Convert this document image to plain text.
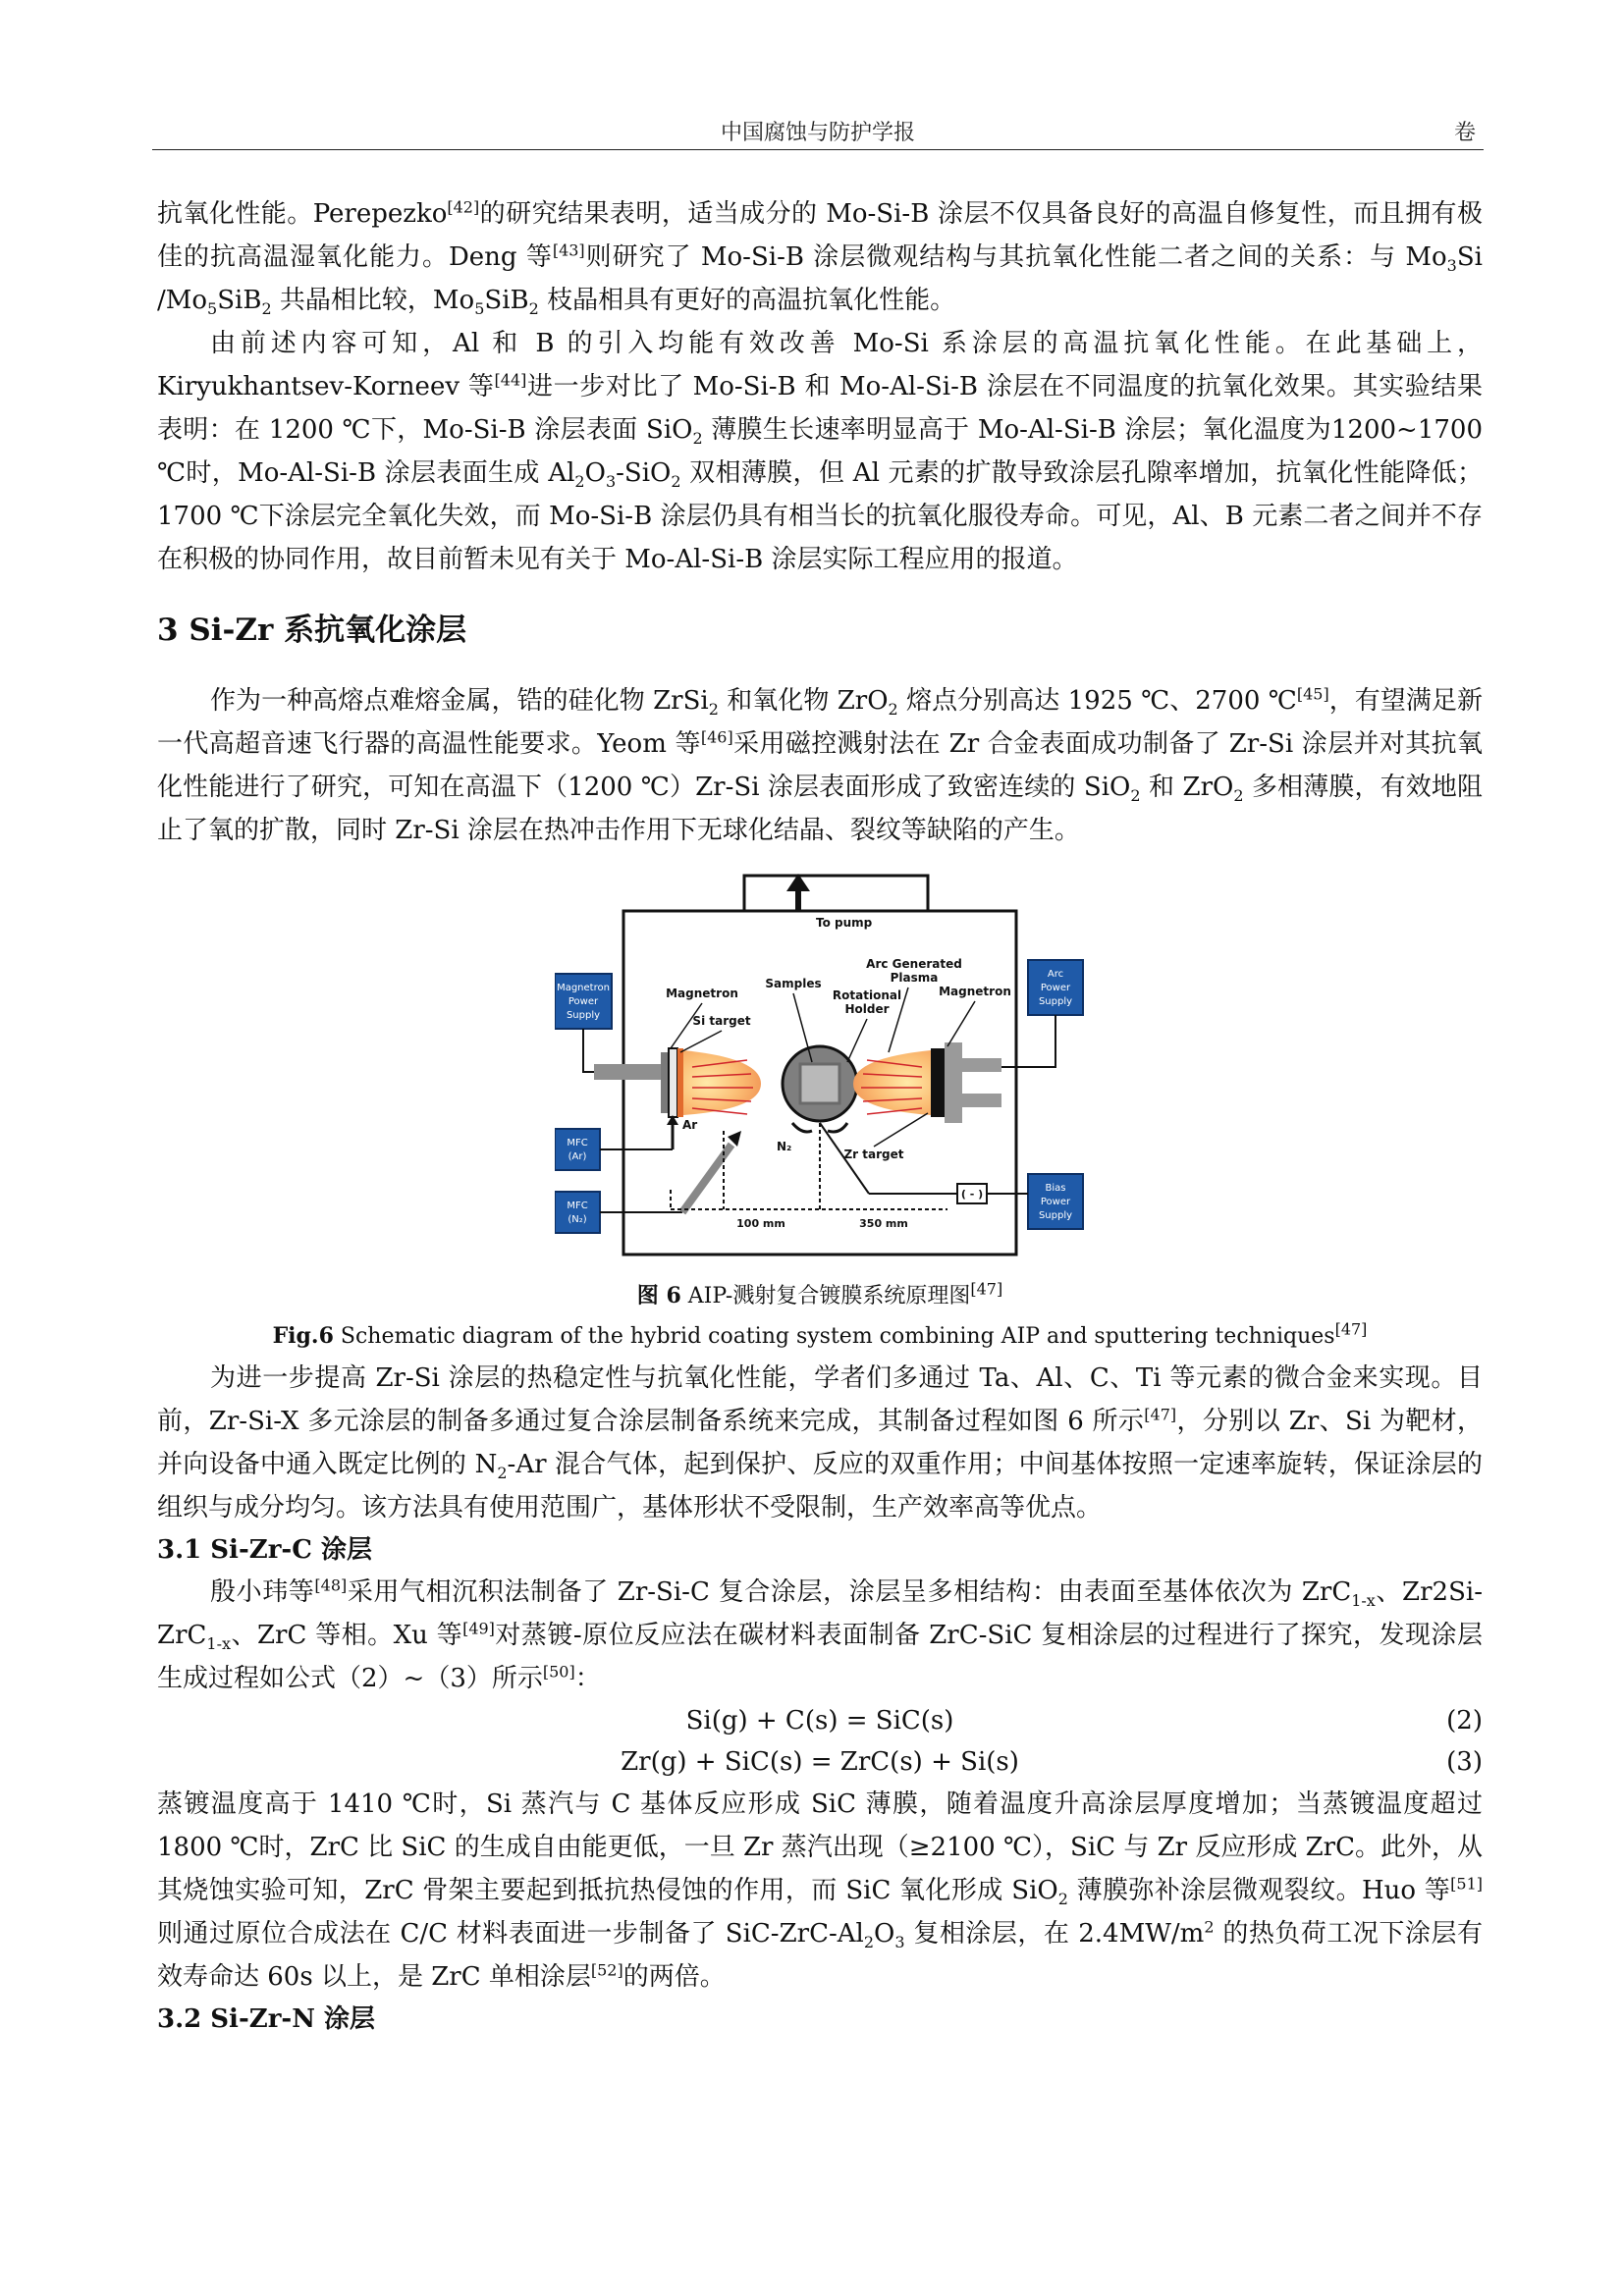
中国腐蚀与防护学报	卷

抗氧化性能。Perepezko[42]的研究结果表明，适当成分的 Mo-Si-B 涂层不仅具备良好的高温自修复性，而且拥有极佳的抗高温湿氧化能力。Deng 等[43]则研究了 Mo-Si-B 涂层微观结构与其抗氧化性能二者之间的关系：与 $Mo_3Si$ $/Mo_5SiB_2$ 共晶相比较，$Mo_5SiB_2$ 枝晶相具有更好的高温抗氧化性能。

由前述内容可知，Al 和 B 的引入均能有效改善 Mo-Si 系涂层的高温抗氧化性能。在此基础上，Kiryukhantsev-Korneev 等[44]进一步对比了 Mo-Si-B 和 Mo-Al-Si-B 涂层在不同温度的抗氧化效果。其实验结果表明：在 1200 ℃下，Mo-Si-B 涂层表面 SiO$_2$ 薄膜生长速率明显高于 Mo-Al-Si-B 涂层；氧化温度为1200~1700 ℃时，Mo-Al-Si-B 涂层表面生成 $Al_2O_3-SiO_2$ 双相薄膜，但 Al 元素的扩散导致涂层孔隙率增加，抗氧化性能降低；1700 ℃下涂层完全氧化失效，而 Mo-Si-B 涂层仍具有相当长的抗氧化服役寿命。可见，Al、B 元素二者之间并不存在积极的协同作用，故目前暂未见有关于 Mo-Al-Si-B 涂层实际工程应用的报道。

3 Si-Zr 系抗氧化涂层

作为一种高熔点难熔金属，锆的硅化物 ZrSi$_2$ 和氧化物 ZrO$_2$ 熔点分别高达 1925 ℃、2700 ℃[45]，有望满足新一代高超音速飞行器的高温性能要求。Yeom 等[46]采用磁控溅射法在 Zr 合金表面成功制备了 Zr-Si 涂层并对其抗氧化性能进行了研究，可知在高温下（1200 ℃）Zr-Si 涂层表面形成了致密连续的 SiO$_2$ 和 ZrO$_2$ 多相薄膜，有效地阻止了氧的扩散，同时 Zr-Si 涂层在热冲击作用下无球化结晶、裂纹等缺陷的产生。

To pump
Magnetron
Power
Supply
Arc
Power
Supply
MFC
(Ar)
MFC
(N₂)
Bias
Power
Supply
( - )
100 mm	350 mm
Arc Generated
Plasma
Samples
Rotational
Holder
Magnetron	Magnetron
Si target
Zr target
Ar
N₂
图 6 AIP-溅射复合镀膜系统原理图[47]
Fig.6 Schematic diagram of the hybrid coating system combining AIP and sputtering techniques[47]

为进一步提高 Zr-Si 涂层的热稳定性与抗氧化性能，学者们多通过 Ta、Al、C、Ti 等元素的微合金来实现。目前，Zr-Si-X 多元涂层的制备多通过复合涂层制备系统来完成，其制备过程如图 6 所示[47]，分别以 Zr、Si 为靶材，并向设备中通入既定比例的 $N_2-Ar$ 混合气体，起到保护、反应的双重作用；中间基体按照一定速率旋转，保证涂层的组织与成分均匀。该方法具有使用范围广，基体形状不受限制，生产效率高等优点。

3.1 Si-Zr-C 涂层

殷小玮等[48]采用气相沉积法制备了 Zr-Si-C 复合涂层，涂层呈多相结构：由表面至基体依次为 ZrC$_{1-x}$、Zr2Si-ZrC$_{1-x}$、ZrC 等相。Xu 等[49]对蒸镀-原位反应法在碳材料表面制备 ZrC-SiC 复相涂层的过程进行了探究，发现涂层生成过程如公式（2）~（3）所示[50]：

Si(g) + C(s) = SiC(s)	(2)
Zr(g) + SiC(s) = ZrC(s) + Si(s)	(3)

蒸镀温度高于 1410 ℃时，Si 蒸汽与 C 基体反应形成 SiC 薄膜，随着温度升高涂层厚度增加；当蒸镀温度超过 1800 ℃时，ZrC 比 SiC 的生成自由能更低，一旦 Zr 蒸汽出现（≥2100 ℃），SiC 与 Zr 反应形成 ZrC。此外，从其烧蚀实验可知，ZrC 骨架主要起到抵抗热侵蚀的作用，而 SiC 氧化形成 SiO$_2$ 薄膜弥补涂层微观裂纹。Huo 等[51]则通过原位合成法在 C/C 材料表面进一步制备了 SiC-$ZrC-Al_2O_3$ 复相涂层，在 $2.4MW/m^2$ 的热负荷工况下涂层有效寿命达 60s 以上，是 ZrC 单相涂层[52]的两倍。

3.2 Si-Zr-N 涂层
